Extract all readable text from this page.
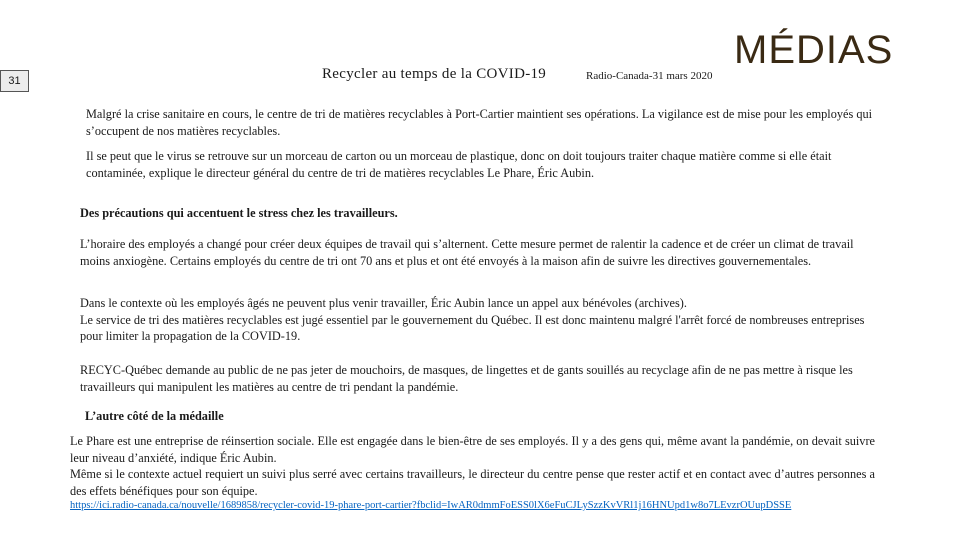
31	Recycler au temps de la COVID-19	Radio-Canada-31 mars 2020
MÉDIAS
Malgré la crise sanitaire en cours, le centre de tri de matières recyclables à Port-Cartier maintient ses opérations. La vigilance est de mise pour les employés qui s’occupent de nos matières recyclables.
Il se peut que le virus se retrouve sur un morceau de carton ou un morceau de plastique, donc on doit toujours traiter chaque matière comme si elle était contaminée, explique le directeur général du centre de tri de matières recyclables Le Phare, Éric Aubin.
Des précautions qui accentuent le stress chez les travailleurs.
L’horaire des employés a changé pour créer deux équipes de travail qui s’alternent. Cette mesure permet de ralentir la cadence et de créer un climat de travail moins anxiogène. Certains employés du centre de tri ont 70 ans et plus et ont été envoyés à la maison afin de suivre les directives gouvernementales.
Dans le contexte où les employés âgés ne peuvent plus venir travailler, Éric Aubin lance un appel aux bénévoles (archives).
Le service de tri des matières recyclables est jugé essentiel par le gouvernement du Québec. Il est donc maintenu malgré l'arrêt forcé de nombreuses entreprises pour limiter la propagation de la COVID-19.
RECYC-Québec demande au public de ne pas jeter de mouchoirs, de masques, de lingettes et de gants souillés au recyclage afin de ne pas mettre à risque les travailleurs qui manipulent les matières au centre de tri pendant la pandémie.
L’autre côté de la médaille
Le Phare est une entreprise de réinsertion sociale. Elle est engagée dans le bien-être de ses employés. Il y a des gens qui, même avant la pandémie, on devait suivre leur niveau d’anxiété, indique Éric Aubin.
Même si le contexte actuel requiert un suivi plus serré avec certains travailleurs, le directeur du centre pense que rester actif et en contact avec d’autres personnes a des effets bénéfiques pour son équipe.
https://ici.radio-canada.ca/nouvelle/1689858/recycler-covid-19-phare-port-cartier?fbclid=IwAR0dmmFoESS0lX6eFuCJLySzzKvVRl1j16HNUpd1w8o7LEvzrOUupDSSE
